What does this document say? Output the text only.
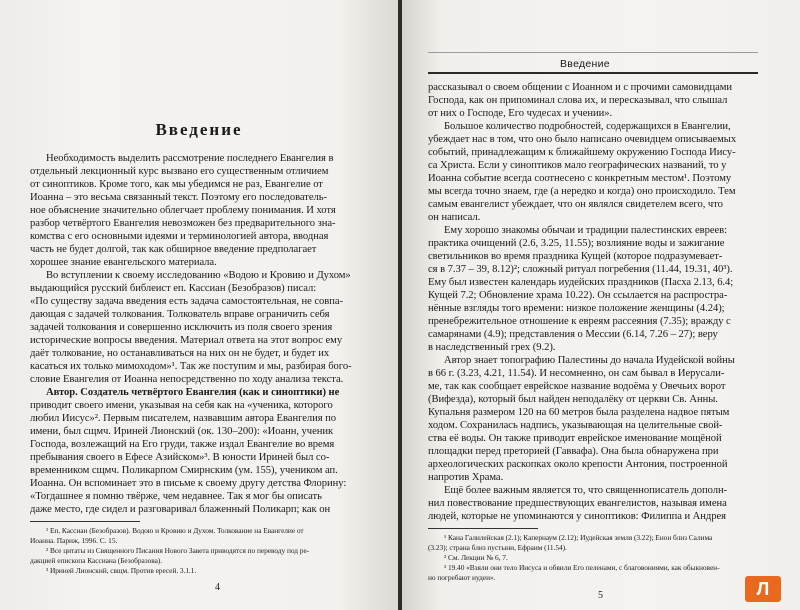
Введение
Необходимость выделить рассмотрение последнего Евангелия в
отдельный лекционный курс вызвано его существенным отличием
от синоптиков. Кроме того, как мы убедимся не раз, Евангелие от
Иоанна – это весьма связанный текст. Поэтому его последователь-
ное объяснение значительно облегчает проблему понимания. И хотя
разбор четвёртого Евангелия невозможен без предварительного зна-
комства с его основными идеями и терминологией автора, вводная
часть не будет долгой, так как обширное введение предполагает
хорошее знание евангельского материала.
Во вступлении к своему исследованию «Водою и Кровию и Духом»
выдающийся русский библеист еп. Кассиан (Безобразов) писал:
«По существу задача введения есть задача самостоятельная, не совпа-
дающая с задачей толкования. Толкователь вправе ограничить себя
задачей толкования и совершенно исключить из поля своего зрения
исторические вопросы введения. Материал ответа на этот вопрос ему
даёт толкование, но останавливаться на них он не будет, и будет их
касаться их только мимоходом»¹. Так же поступим и мы, разбирая бого-
словие Евангелия от Иоанна непосредственно по ходу анализа текста.
Автор. Создатель четвёртого Евангелия (как и синоптики) не
приводит своего имени, указывая на себя как на «ученика, которого
любил Иисус»². Первым писателем, назвавшим автора Евангелия по
имени, был сщмч. Ириней Лионский (ок. 130–200): «Иоанн, ученик
Господа, возлежащий на Его груди, также издал Евангелие во время
пребывания своего в Ефесе Азийском»³. В юности Ириней был со-
временником сщмч. Поликарпом Смирнским (ум. 155), учеником ап.
Иоанна. Он вспоминает это в письме к своему другу детства Флорину:
«Тогдашнее я помню твёрже, чем недавнее. Так я мог бы описать
даже место, где сидел и разговаривал блаженный Поликарп; как он
¹ Еп. Кассиан (Безобразов). Водою и Кровию и Духом. Толкование на Евангелие от
Иоанна. Париж, 1996. С. 15.
² Все цитаты из Священного Писания Нового Завета приводятся по переводу под ре-
дакцией епископа Кассиана (Безобразова).
³ Ириней Лионский, свщм. Против ересей. 3.1.1.
4
Введение
рассказывал о своем общении с Иоанном и с прочими самовидцами
Господа, как он припоминал слова их, и пересказывал, что слышал
от них о Господе, Его чудесах и учении».
Большое количество подробностей, содержащихся в Евангелии,
убеждает нас в том, что оно было написано очевидцем описываемых
событий, принадлежащим к ближайшему окружению Господа Иису-
са Христа. Если у синоптиков мало географических названий, то у
Иоанна событие всегда соотнесено с конкретным местом¹. Поэтому
мы всегда точно знаем, где (а нередко и когда) оно происходило. Тем
самым евангелист убеждает, что он являлся свидетелем всего, что
он написал.
Ему хорошо знакомы обычаи и традиции палестинских евреев:
практика очищений (2.6, 3.25, 11.55); возлияние воды и зажигание
светильников во время праздника Кущей (которое подразумевает-
ся в 7.37 – 39, 8.12)²; сложный ритуал погребения (11.44, 19.31, 40³).
Ему был известен календарь иудейских праздников (Пасха 2.13, 6.4;
Кущей 7.2; Обновление храма 10.22). Он ссылается на распростра-
нённые взгляды того времени: низкое положение женщины (4.24);
пренебрежительное отношение к евреям рассеяния (7.35); вражду с
самарянами (4.9); представления о Мессии (6.14, 7.26 – 27); веру
в наследственный грех (9.2).
Автор знает топографию Палестины до начала Иудейской войны
в 66 г. (3.23, 4.21, 11.54). И несомненно, он сам бывал в Иерусали-
ме, так как сообщает еврейское название водоёма у Овечьих ворот
(Вифезда), который был найден неподалёку от церкви Св. Анны.
Купальня размером 120 на 60 метров была разделена надвое пятым
ходом. Сохранилась надпись, указывающая на целительные свой-
ства её воды. Он также приводит еврейское именование мощёной
площадки перед преторией (Гаввафа). Она была обнаружена при
археологических раскопках около крепости Антония, построенной
напротив Храма.
Ещё более важным является то, что священнописатель дополн-
нил повествование предшествующих евангелистов, называя имена
людей, которые не упоминаются у синоптиков: Филиппа и Андрея
¹ Кана Галилейская (2.1); Капернаум (2.12); Иудейская земля (3.22); Енон близ Салима
(3.23); страна близ пустыни, Ефраим (11.54).
² См. Лекции № 6, 7.
³ 19.40 «Взяли они тело Иисуса и обвили Его пеленами, с благовониями, как обыкновен-
но погребают иудеи».
5	Л
